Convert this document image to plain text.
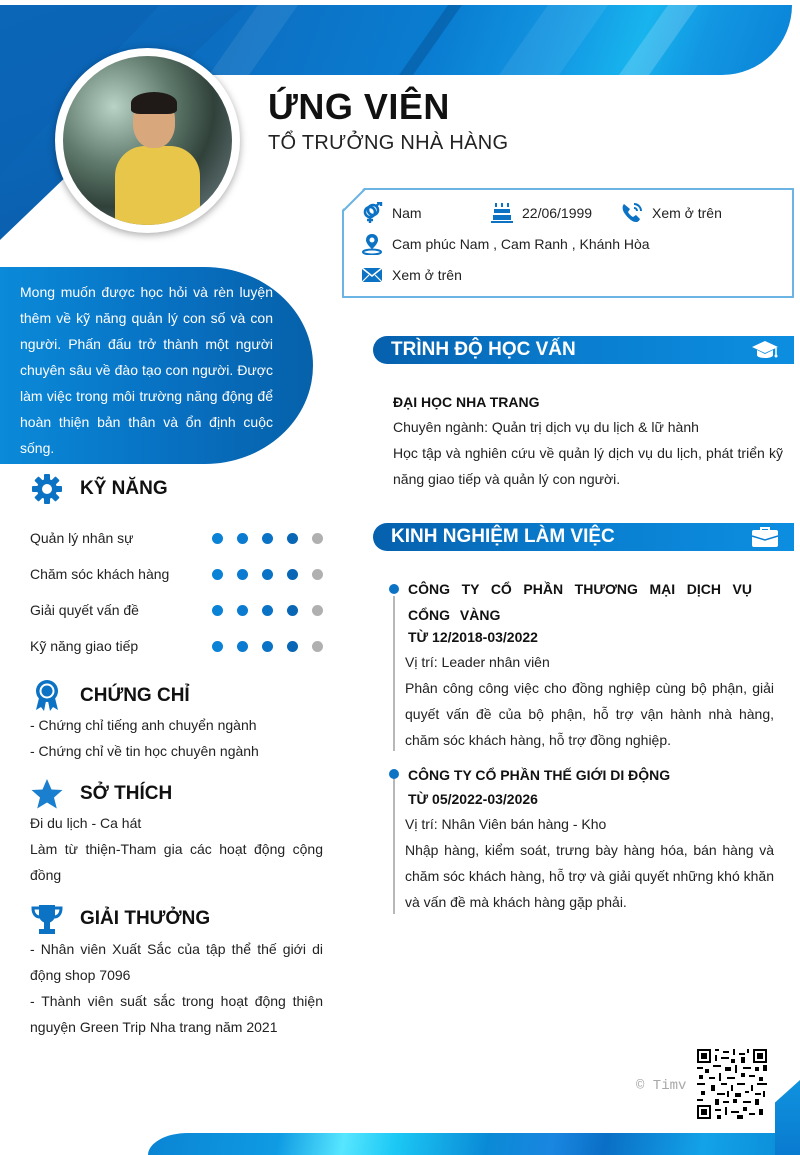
ỨNG VIÊN
TỔ TRƯỞNG NHÀ HÀNG
Nam	22/06/1999	Xem ở trên
Cam phúc Nam , Cam Ranh , Khánh Hòa
Xem ở trên
Mong muốn được học hỏi và rèn luyện thêm về kỹ năng quản lý con số và con người. Phấn đấu trở thành một người chuyên sâu về đào tạo con người. Được làm việc trong môi trường năng động để hoàn thiện bản thân và ổn định cuộc sống.
KỸ NĂNG
Quản lý nhân sự
Chăm sóc khách hàng
Giải quyết vấn đề
Kỹ năng giao tiếp
CHỨNG CHỈ
- Chứng chỉ tiếng anh chuyển ngành
- Chứng chỉ về tin học chuyên ngành
SỞ THÍCH
Đi du lịch - Ca hát
Làm từ thiện-Tham gia các hoạt động cộng đồng
GIẢI THƯỞNG
- Nhân viên Xuất Sắc của tập thể thế giới di động shop 7096
- Thành viên suất sắc trong hoạt động thiện nguyện Green Trip Nha trang năm 2021
TRÌNH ĐỘ HỌC VẤN
ĐẠI HỌC NHA TRANG
Chuyên ngành: Quản trị dịch vụ du lịch & lữ hành
Học tập và nghiên cứu về quản lý dịch vụ du lịch, phát triển kỹ năng giao tiếp và quản lý con người.
KINH NGHIỆM LÀM VIỆC
CÔNG TY CỔ PHẦN THƯƠNG MẠI DỊCH VỤ CỔNG VÀNG
TỪ 12/2018-03/2022
Vị trí: Leader nhân viên
Phân công công việc cho đồng nghiệp cùng bộ phận, giải quyết vấn đề của bộ phận, hỗ trợ vận hành nhà hàng, chăm sóc khách hàng, hỗ trợ đồng nghiệp.
CÔNG TY CỔ PHẦN THẾ GIỚI DI ĐỘNG
TỪ 05/2022-03/2026
Vị trí: Nhân Viên bán hàng - Kho
Nhập hàng, kiểm soát, trưng bày hàng hóa, bán hàng và chăm sóc khách hàng, hỗ trợ và giải quyết những khó khăn và vấn đề mà khách hàng gặp phải.
© Timv
